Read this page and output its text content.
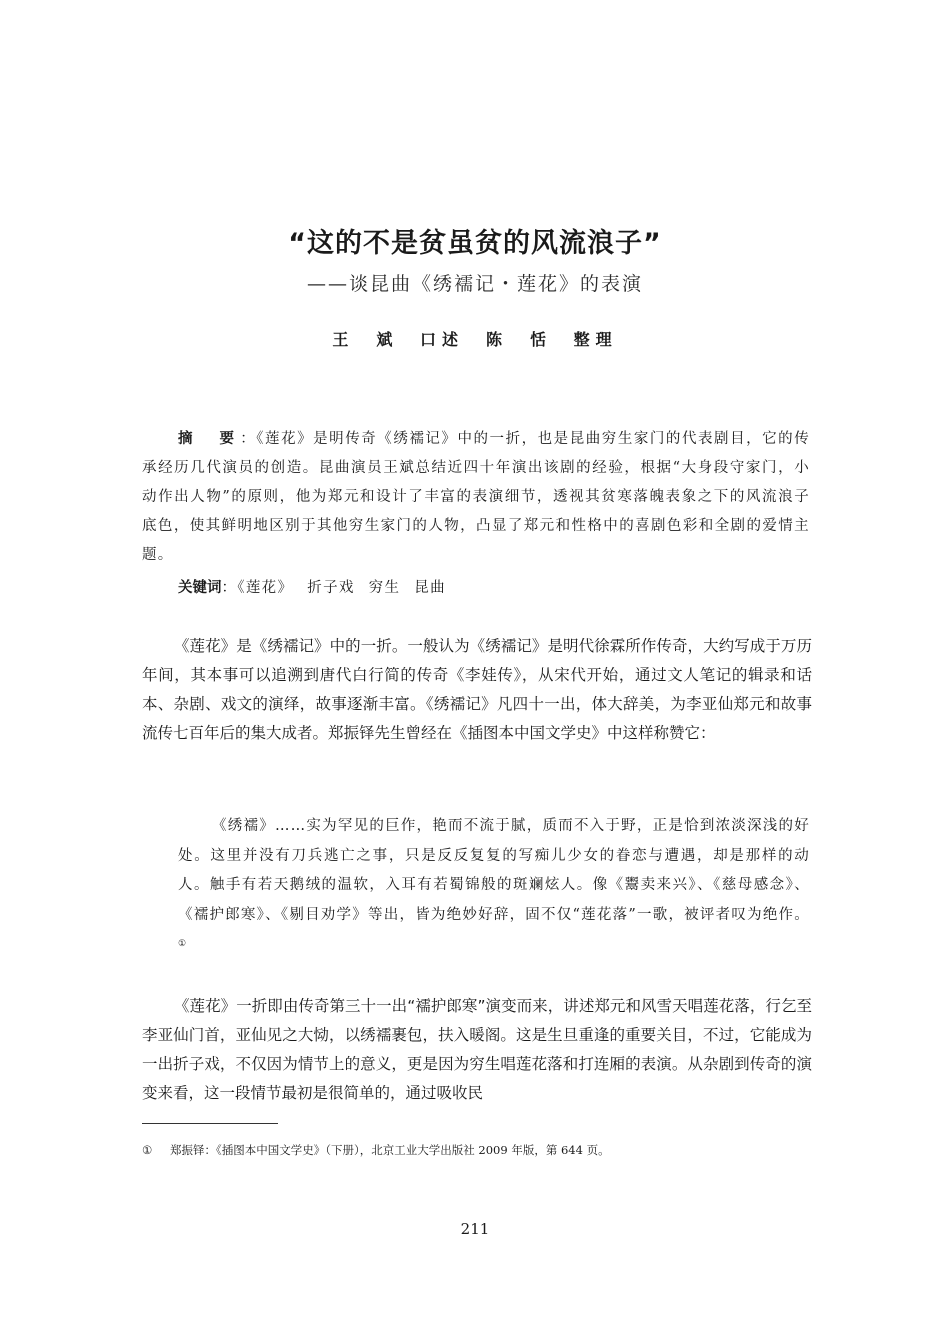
“这的不是贫虽贫的风流浪子”
——谈昆曲《绣襦记・莲花》的表演
王　斌 口述　陈　恬 整理

摘　要：《莲花》是明传奇《绣襦记》中的一折，也是昆曲穷生家门的代表剧目，它的传承经历几代演员的创造。昆曲演员王斌总结近四十年演出该剧的经验，根据“大身段守家门，小动作出人物”的原则，他为郑元和设计了丰富的表演细节，透视其贫寒落魄表象之下的风流浪子底色，使其鲜明地区别于其他穷生家门的人物，凸显了郑元和性格中的喜剧色彩和全剧的爱情主题。

关键词：《莲花》 折子戏 穷生 昆曲

《莲花》是《绣襦记》中的一折。一般认为《绣襦记》是明代徐霖所作传奇，大约写成于万历年间，其本事可以追溯到唐代白行简的传奇《李娃传》，从宋代开始，通过文人笔记的辑录和话本、杂剧、戏文的演绎，故事逐渐丰富。《绣襦记》凡四十一出，体大辞美，为李亚仙郑元和故事流传七百年后的集大成者。郑振铎先生曾经在《插图本中国文学史》中这样称赞它：

《绣襦》……实为罕见的巨作，艳而不流于腻，质而不入于野，正是恰到浓淡深浅的好处。这里并没有刀兵逃亡之事，只是反反复复的写痴儿少女的眷恋与遭遇，却是那样的动人。触手有若天鹅绒的温软，入耳有若蜀锦般的斑斓炫人。像《鬻卖来兴》、《慈母感念》、《襦护郎寒》、《剔目劝学》等出，皆为绝妙好辞，固不仅“莲花落”一歌，被评者叹为绝作。①

《莲花》一折即由传奇第三十一出“襦护郎寒”演变而来，讲述郑元和风雪天唱莲花落，行乞至李亚仙门首，亚仙见之大恸，以绣襦裹包，扶入暖阁。这是生旦重逢的重要关目，不过，它能成为一出折子戏，不仅因为情节上的意义，更是因为穷生唱莲花落和打连厢的表演。从杂剧到传奇的演变来看，这一段情节最初是很简单的，通过吸收民

① 郑振铎：《插图本中国文学史》（下册），北京工业大学出版社 2009 年版，第 644 页。

211
